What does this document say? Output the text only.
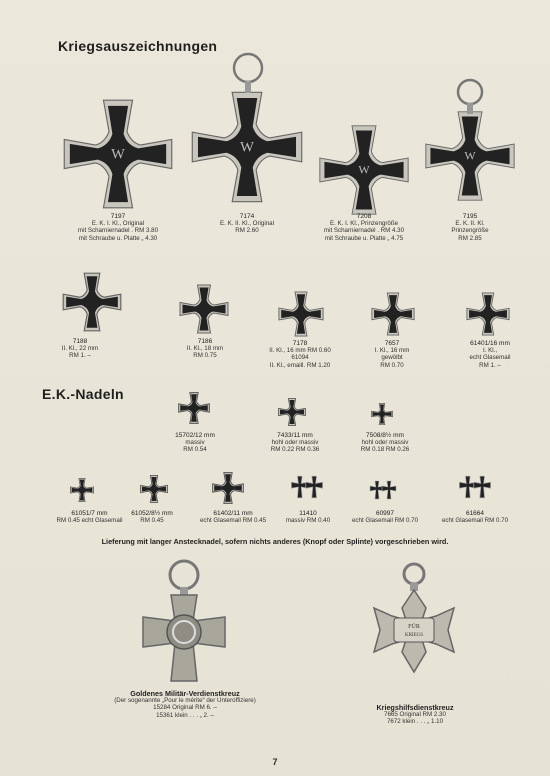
Kriegsauszeichnungen
E.K.-Nadeln
W	W
W
W
7197
E. K. I. Kl., Original
mit Scharniernadel . RM 3.80
mit Schraube u. Platte „ 4.30
7174
E. K. II. Kl., Original
RM 2.60
7208
E. K. I. Kl., Prinzengröße
mit Scharniernadel . RM 4.30
mit Schraube u. Platte „ 4.75
7195
E. K. II. Kl.
Prinzengröße
RM 2.85
7188
II. Kl., 22 mm
RM 1. –
7186
II. Kl., 18 mm
RM 0.75
7178
II. Kl., 16 mm RM 0.60
61094
II. Kl., emaill. RM 1.20
7657
I. Kl., 16 mm
gewölbt
RM 0.70
61401/16 mm
I. Kl.,
echt Glasemail
RM 1. –
15702/12 mm
massiv
RM 0.54
7433/11 mm
hohl oder massiv
RM 0.22 RM 0.36
7508/8½ mm
hohl oder massiv
RM 0.18 RM 0.26
61051/7 mm
RM 0.45 echt Glasemail
61052/8½ mm
RM 0.45
61402/11 mm
echt Glasemail RM 0.45
11410
massiv RM 0.40
60997
echt Glasemail RM 0.70
61664
echt Glasemail RM 0.70
Lieferung mit langer Anstecknadel, sofern nichts anderes (Knopf oder Splinte) vorgeschrieben wird.
Goldenes Militär-Verdienstkreuz
(Der sogenannte „Pour le mérite“ der Unteroffiziere)
15284 Original RM 6. –
15361 klein . . . „ 2. –
FÜR
KRIEGS
Kriegshilfsdienstkreuz
7665 Original RM 2.30
7672 klein . . . „ 1.10
7
